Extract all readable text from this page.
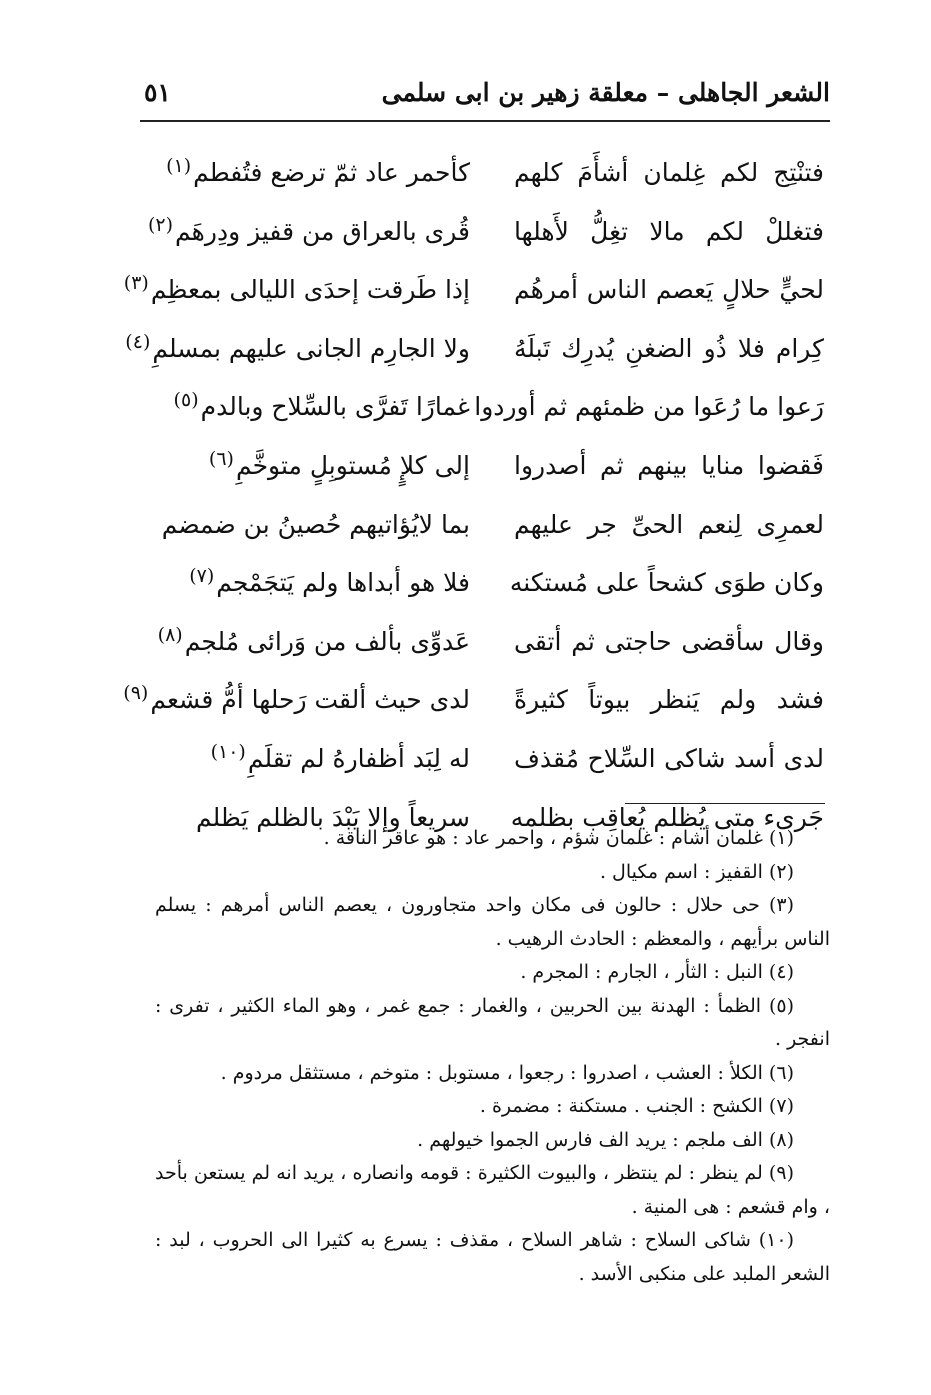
الشعر الجاهلى – معلقة زهير بن ابى سلمى
٥١
فتنْتِج لكم غِلمان أشأَمَ كلهم
كأحمر عاد ثمّ ترضع فتُفطم$^{(١)}$
فتغللْ لكم مالا تغِلُّ لأَهلها
قُرى بالعراق من قفيز ودِرهَم$^{(٢)}$
لحيٍّ حلالٍ يَعصم الناس أمرهُم
إذا طَرقت إحدَى الليالى بمعظِم$^{(٣)}$
كِرام فلا ذُو الضغنِ يُدرِك تَبلَهُ
ولا الجارِم الجانى عليهم بمسلمِ$^{(٤)}$
رَعوا ما رُعَوا من ظمئهم ثم أوردوا
غمارًا تَفرَّى بالسِّلاح وبالدم$^{(٥)}$
فَقضوا منايا بينهم ثم أصدروا
إلى كلإٍ مُستوبِلٍ متوخَّمِ$^{(٦)}$
لعمرِى لِنعم الحىِّ جر عليهم
بما لايُؤاتيهم حُصينُ بن ضمضم
وكان طوَى كشحاً على مُستكنه
فلا هو أبداها ولم يَتجَمْجم$^{(٧)}$
وقال سأقضى حاجتى ثم أتقى
عَدوِّى بألف من وَرائى مُلجم$^{(٨)}$
فشد ولم يَنظر بيوتاً كثيرةً
لدى حيث ألقت رَحلها أمُّ قشعم$^{(٩)}$
لدى أسد شاكى السِّلاح مُقذف
له لِبَد أظفارهُ لم تقلَمِ$^{(١٠)}$
جَرىء متى يُظلم يُعاقِب بظلمه
سريعاً وإلا يَبْدَ بالظلم يَظلم

(١) غلمان أشام : غلمان شؤم ، واحمر عاد : هو عاقر الناقة .

(٢) القفيز : اسم مكيال .

(٣) حى حلال : حالون فى مكان واحد متجاورون ، يعصم الناس أمرهم : يسلم الناس برأيهم ، والمعظم : الحادث الرهيب .

(٤) النبل : الثأر ، الجارم : المجرم .

(٥) الظمأ : الهدنة بين الحربين ، والغمار : جمع غمر ، وهو الماء الكثير ، تفرى : انفجر .

(٦) الكلأ : العشب ، اصدروا : رجعوا ، مستوبل : متوخم ، مستثقل مردوم .

(٧) الكشح : الجنب . مستكنة : مضمرة .

(٨) الف ملجم : يريد الف فارس الجموا خيولهم .

(٩) لم ينظر : لم ينتظر ، والبيوت الكثيرة : قومه وانصاره ، يريد انه لم يستعن بأحد ، وام قشعم : هى المنية .

(١٠) شاكى السلاح : شاهر السلاح ، مقذف : يسرع به كثيرا الى الحروب ، لبد : الشعر الملبد على منكبى الأسد .
